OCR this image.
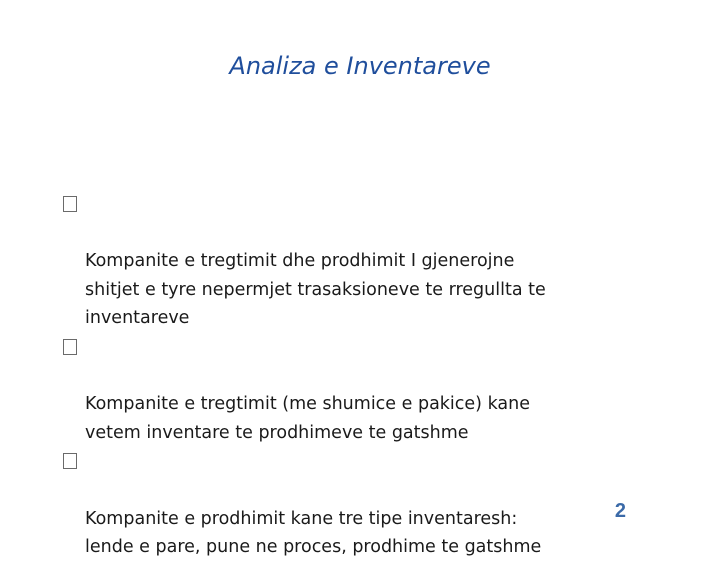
Analiza e Inventareve

Kompanite e tregtimit dhe prodhimit I gjenerojne
shitjet e tyre nepermjet trasaksioneve te rregullta te
inventareve

Kompanite e tregtimit (me shumice e pakice) kane
vetem inventare te prodhimeve te gatshme

Kompanite e prodhimit kane tre tipe inventaresh:
lende e pare, pune ne proces, prodhime te gatshme

2
